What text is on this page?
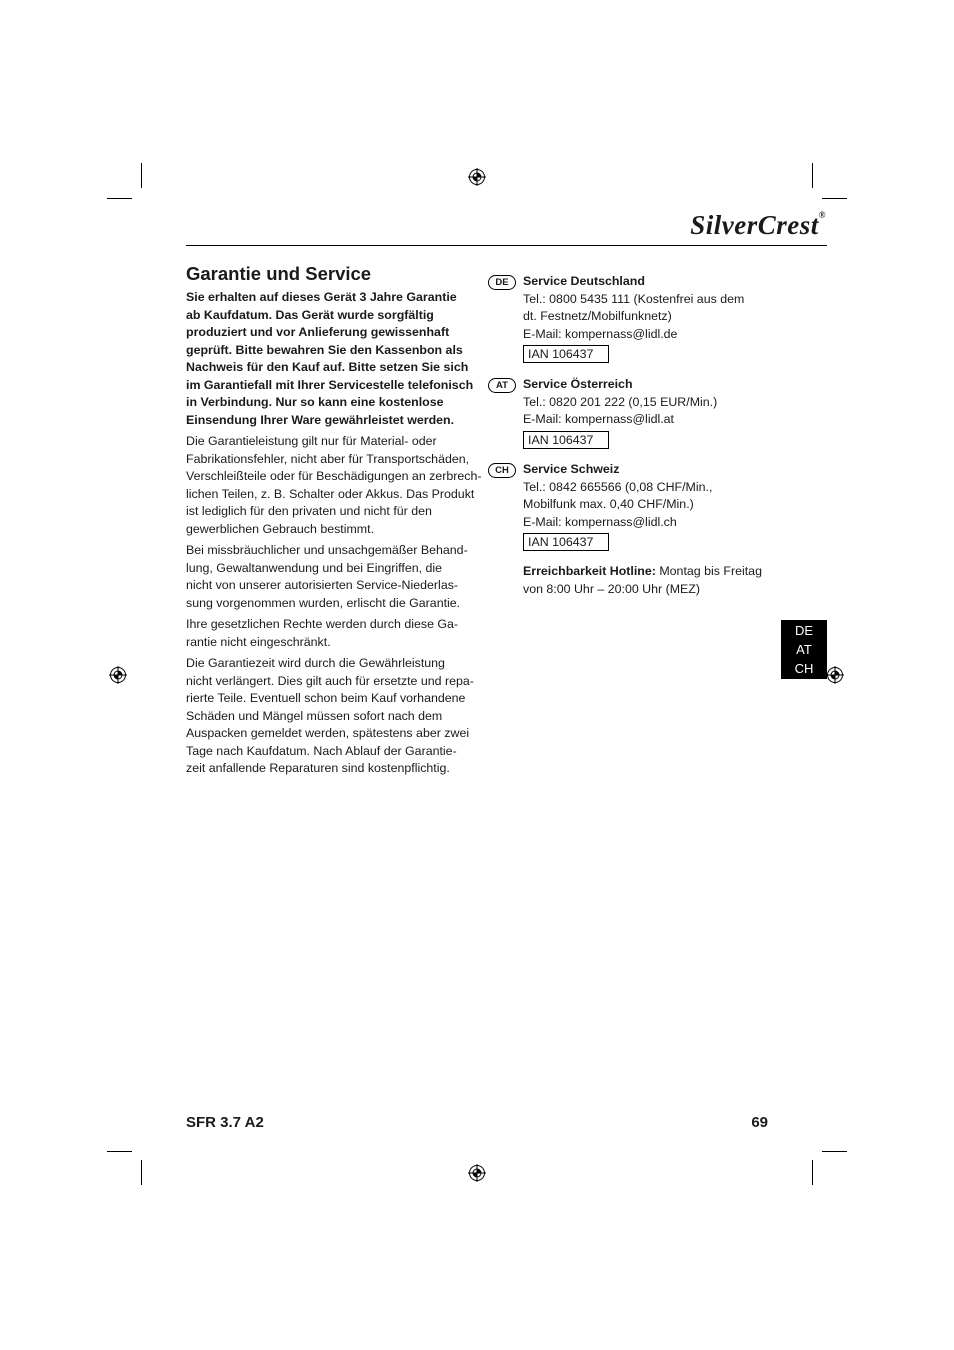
SilverCrest®
Garantie und Service

Sie erhalten auf dieses Gerät 3 Jahre Garantie
ab Kaufdatum. Das Gerät wurde sorgfältig
produziert und vor Anlieferung gewissenhaft
geprüft. Bitte bewahren Sie den Kassenbon als
Nachweis für den Kauf auf. Bitte setzen Sie sich
im Garantiefall mit Ihrer Servicestelle telefonisch
in Verbindung. Nur so kann eine kostenlose
Einsendung Ihrer Ware gewährleistet werden.

Die Garantieleistung gilt nur für Material- oder
Fabrikationsfehler, nicht aber für Transportschäden,
Verschleißteile oder für Beschädigungen an zerbrech-
lichen Teilen, z. B. Schalter oder Akkus. Das Produkt
ist lediglich für den privaten und nicht für den
gewerblichen Gebrauch bestimmt.

Bei missbräuchlicher und unsachgemäßer Behand-
lung, Gewaltanwendung und bei Eingriffen, die
nicht von unserer autorisierten Service-Niederlas-
sung vorgenommen wurden, erlischt die Garantie.

Ihre gesetzlichen Rechte werden durch diese Ga-
rantie nicht eingeschränkt.

Die Garantiezeit wird durch die Gewährleistung
nicht verlängert. Dies gilt auch für ersetzte und repa-
rierte Teile. Eventuell schon beim Kauf vorhandene
Schäden und Mängel müssen sofort nach dem
Auspacken gemeldet werden, spätestens aber zwei
Tage nach Kaufdatum. Nach Ablauf der Garantie-
zeit anfallende Reparaturen sind kostenpflichtig.

DE	Service Deutschland
Tel.: 0800 5435 111 (Kostenfrei aus dem
dt. Festnetz/Mobilfunknetz)
E-Mail: kompernass@lidl.de
IAN 106437
AT	Service Österreich
Tel.: 0820 201 222 (0,15 EUR/Min.)
E-Mail: kompernass@lidl.at
IAN 106437
CH	Service Schweiz
Tel.: 0842 665566 (0,08 CHF/Min.,
Mobilfunk max. 0,40 CHF/Min.)
E-Mail: kompernass@lidl.ch
IAN 106437
Erreichbarkeit Hotline: Montag bis Freitag
von 8:00 Uhr – 20:00 Uhr (MEZ)
DE
AT
CH
SFR 3.7 A2	69
